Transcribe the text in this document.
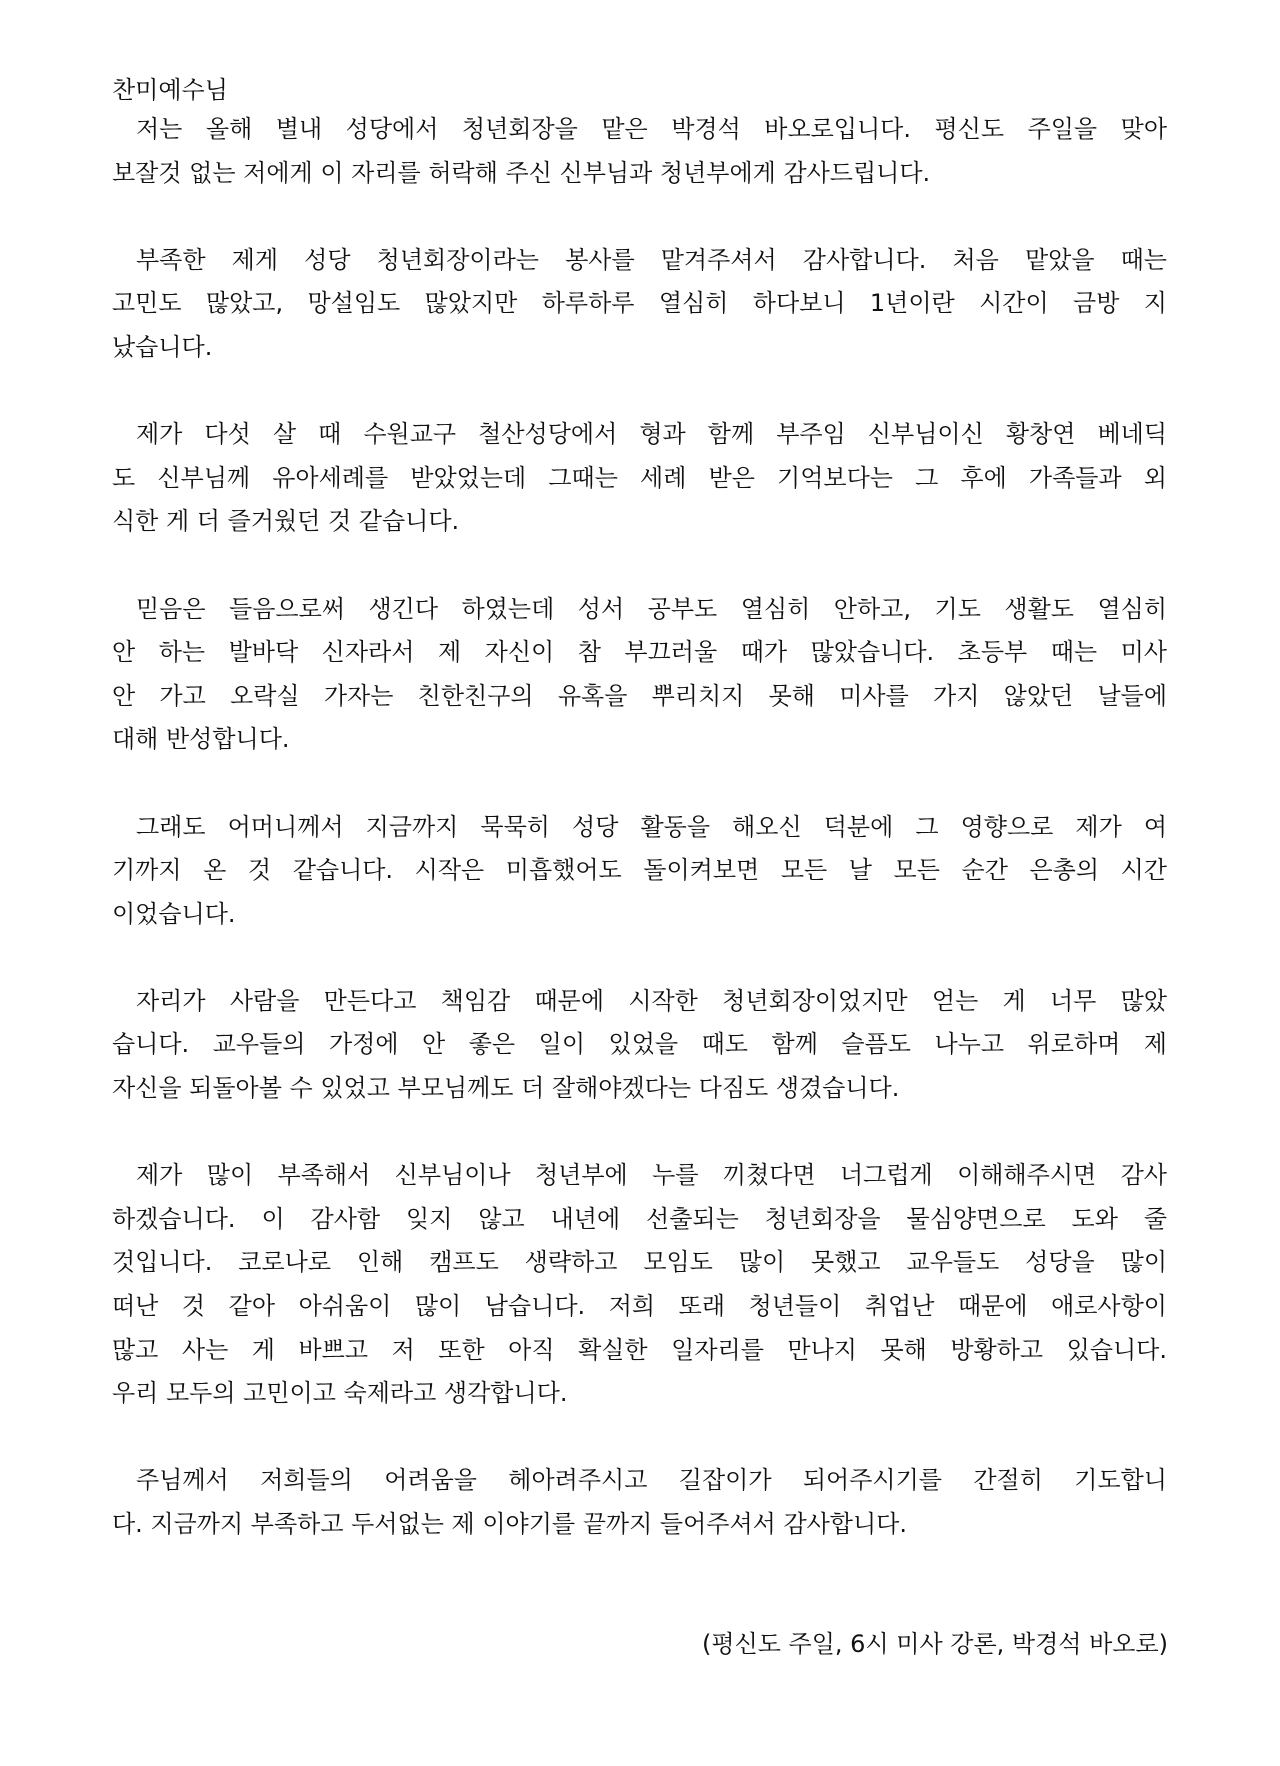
찬미예수님
저는 올해 별내 성당에서 청년회장을 맡은 박경석 바오로입니다. 평신도 주일을 맞아
보잘것 없는 저에게 이 자리를 허락해 주신 신부님과 청년부에게 감사드립니다.
부족한 제게 성당 청년회장이라는 봉사를 맡겨주셔서 감사합니다. 처음 맡았을 때는
고민도 많았고, 망설임도 많았지만 하루하루 열심히 하다보니 1년이란 시간이 금방 지
났습니다.
제가 다섯 살 때 수원교구 철산성당에서 형과 함께 부주임 신부님이신 황창연 베네딕
도 신부님께 유아세례를 받았었는데 그때는 세례 받은 기억보다는 그 후에 가족들과 외
식한 게 더 즐거웠던 것 같습니다.
믿음은 들음으로써 생긴다 하였는데 성서 공부도 열심히 안하고, 기도 생활도 열심히
안 하는 발바닥 신자라서 제 자신이 참 부끄러울 때가 많았습니다. 초등부 때는 미사
안 가고 오락실 가자는 친한친구의 유혹을 뿌리치지 못해 미사를 가지 않았던 날들에
대해 반성합니다.
그래도 어머니께서 지금까지 묵묵히 성당 활동을 해오신 덕분에 그 영향으로 제가 여
기까지 온 것 같습니다. 시작은 미흡했어도 돌이켜보면 모든 날 모든 순간 은총의 시간
이었습니다.
자리가 사람을 만든다고 책임감 때문에 시작한 청년회장이었지만 얻는 게 너무 많았
습니다. 교우들의 가정에 안 좋은 일이 있었을 때도 함께 슬픔도 나누고 위로하며 제
자신을 되돌아볼 수 있었고 부모님께도 더 잘해야겠다는 다짐도 생겼습니다.
제가 많이 부족해서 신부님이나 청년부에 누를 끼쳤다면 너그럽게 이해해주시면 감사
하겠습니다. 이 감사함 잊지 않고 내년에 선출되는 청년회장을 물심양면으로 도와 줄
것입니다. 코로나로 인해 캠프도 생략하고 모임도 많이 못했고 교우들도 성당을 많이
떠난 것 같아 아쉬움이 많이 남습니다. 저희 또래 청년들이 취업난 때문에 애로사항이
많고 사는 게 바쁘고 저 또한 아직 확실한 일자리를 만나지 못해 방황하고 있습니다.
우리 모두의 고민이고 숙제라고 생각합니다.
주님께서 저희들의 어려움을 헤아려주시고 길잡이가 되어주시기를 간절히 기도합니
다. 지금까지 부족하고 두서없는 제 이야기를 끝까지 들어주셔서 감사합니다.
(평신도 주일, 6시 미사 강론, 박경석 바오로)
